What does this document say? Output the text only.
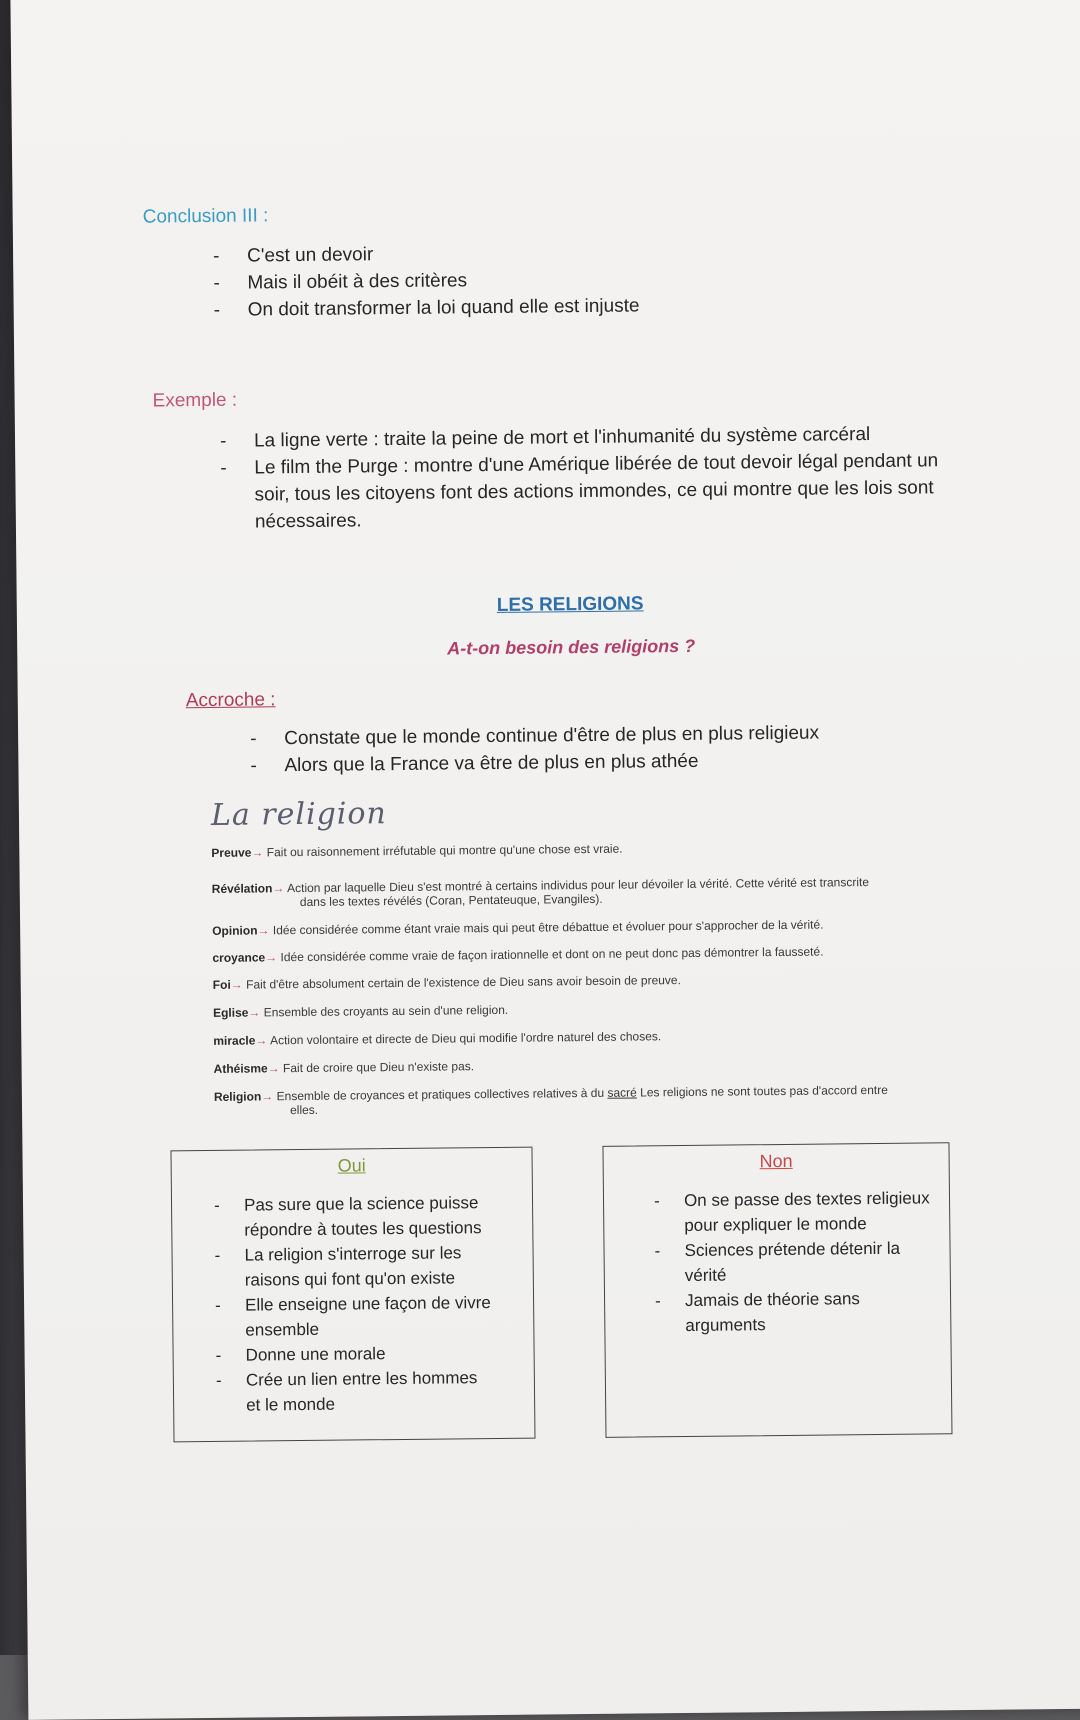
Conclusion III :
- C'est un devoir
- Mais il obéit à des critères
- On doit transformer la loi quand elle est injuste
Exemple :
- La ligne verte : traite la peine de mort et l'inhumanité du système carcéral
- Le film the Purge : montre d'une Amérique libérée de tout devoir légal pendant un
soir, tous les citoyens font des actions immondes, ce qui montre que les lois sont
nécessaires.
LES RELIGIONS
A-t-on besoin des religions ?
Accroche :
- Constate que le monde continue d'être de plus en plus religieux
- Alors que la France va être de plus en plus athée
La religion
Preuve→ Fait ou raisonnement irréfutable qui montre qu'une chose est vraie.
Révélation→ Action par laquelle Dieu s'est montré à certains individus pour leur dévoiler la vérité. Cette vérité est transcrite
dans les textes révélés (Coran, Pentateuque, Evangiles).
Opinion→ Idée considérée comme étant vraie mais qui peut être débattue et évoluer pour s'approcher de la vérité.
croyance→ Idée considérée comme vraie de façon irationnelle et dont on ne peut donc pas démontrer la fausseté.
Foi→ Fait d'être absolument certain de l'existence de Dieu sans avoir besoin de preuve.
Eglise→ Ensemble des croyants au sein d'une religion.
miracle→ Action volontaire et directe de Dieu qui modifie l'ordre naturel des choses.
Athéisme→ Fait de croire que Dieu n'existe pas.
Religion→ Ensemble de croyances et pratiques collectives relatives à du sacré Les religions ne sont toutes pas d'accord entre
elles.
Oui
- Pas sure que la science puisse
répondre à toutes les questions
- La religion s'interroge sur les
raisons qui font qu'on existe
- Elle enseigne une façon de vivre
ensemble
- Donne une morale
- Crée un lien entre les hommes
et le monde
Non
- On se passe des textes religieux
pour expliquer le monde
- Sciences prétende détenir la
vérité
- Jamais de théorie sans
arguments
